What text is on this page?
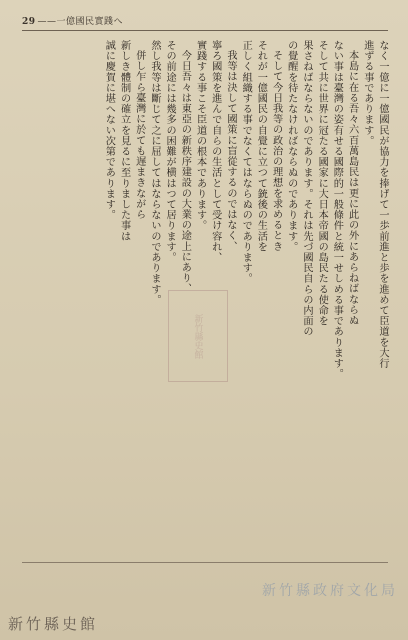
29 ——一億國民實踐へ

なく一億に一億國民が協力を捧げて一歩前進と歩を進めて臣道を大行

進ずる事であります。

本島に在る吾々六百萬島民は更に此の外にあらねばならぬ

ない事は臺灣の姿有せる國際的一般條件と統一せしめる事であります。

そして共に世界に冠たる國家に大日本帝國の島民たる使命を

果さねばならないのであります。それは先づ國民自らの内面の

の覺醒を待たなければならぬのであります。

そして今日我等の政治の理想を求めるとき

それが一億國民の自覺に立つて銃後の生活を

正しく組織する事でなくてはならぬのであります。

我等は決して國策に盲從するのではなく、

寧ろ國策を進んで自らの生活として受け容れ、

實踐する事こそ臣道の根本であります。

今日吾々は東亞の新秩序建設の大業の途上にあり、

その前途には幾多の困難が横はつて居ります。

然し我等は斷じて之に屈してはならないのであります。

併し乍ら臺灣に於ても遅まきながら

新しき體制の確立を見るに至りました事は

誠に慶賀に堪へない次第であります。

新竹縣史館
新竹縣政府文化局
新竹縣史館
